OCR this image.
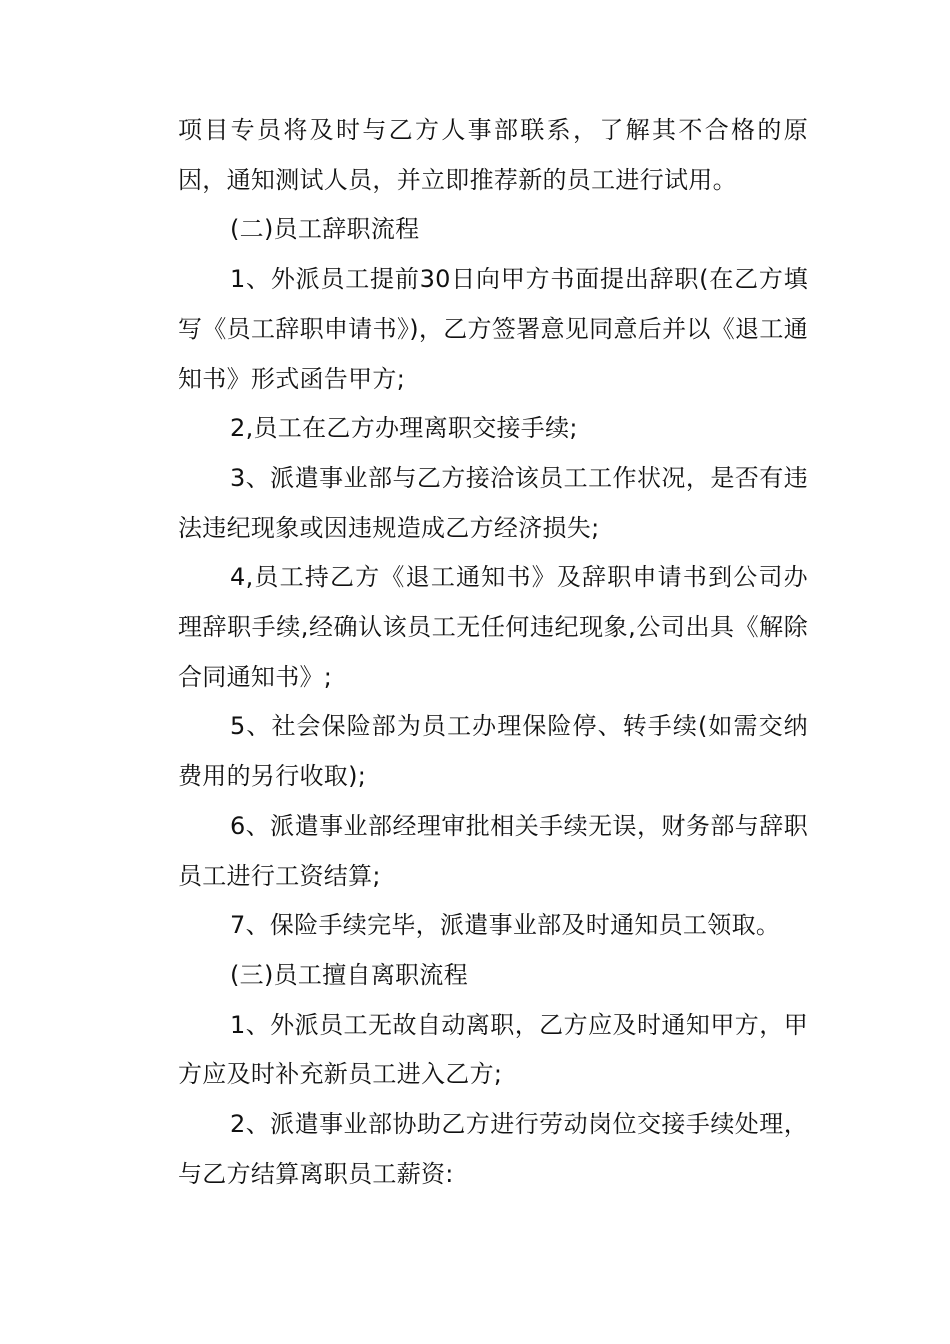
项目专员将及时与乙方人事部联系，了解其不合格的原因，通知测试人员，并立即推荐新的员工进行试用。

(二)员工辞职流程

1、外派员工提前30日向甲方书面提出辞职(在乙方填写《员工辞职申请书》)，乙方签署意见同意后并以《退工通知书》形式函告甲方;

2,员工在乙方办理离职交接手续;

3、派遣事业部与乙方接洽该员工工作状况，是否有违法违纪现象或因违规造成乙方经济损失;

4,员工持乙方《退工通知书》及辞职申请书到公司办理辞职手续,经确认该员工无任何违纪现象,公司出具《解除合同通知书》;

5、社会保险部为员工办理保险停、转手续(如需交纳费用的另行收取);

6、派遣事业部经理审批相关手续无误，财务部与辞职员工进行工资结算;

7、保险手续完毕，派遣事业部及时通知员工领取。

(三)员工擅自离职流程

1、外派员工无故自动离职，乙方应及时通知甲方，甲方应及时补充新员工进入乙方;

2、派遣事业部协助乙方进行劳动岗位交接手续处理，与乙方结算离职员工薪资:
